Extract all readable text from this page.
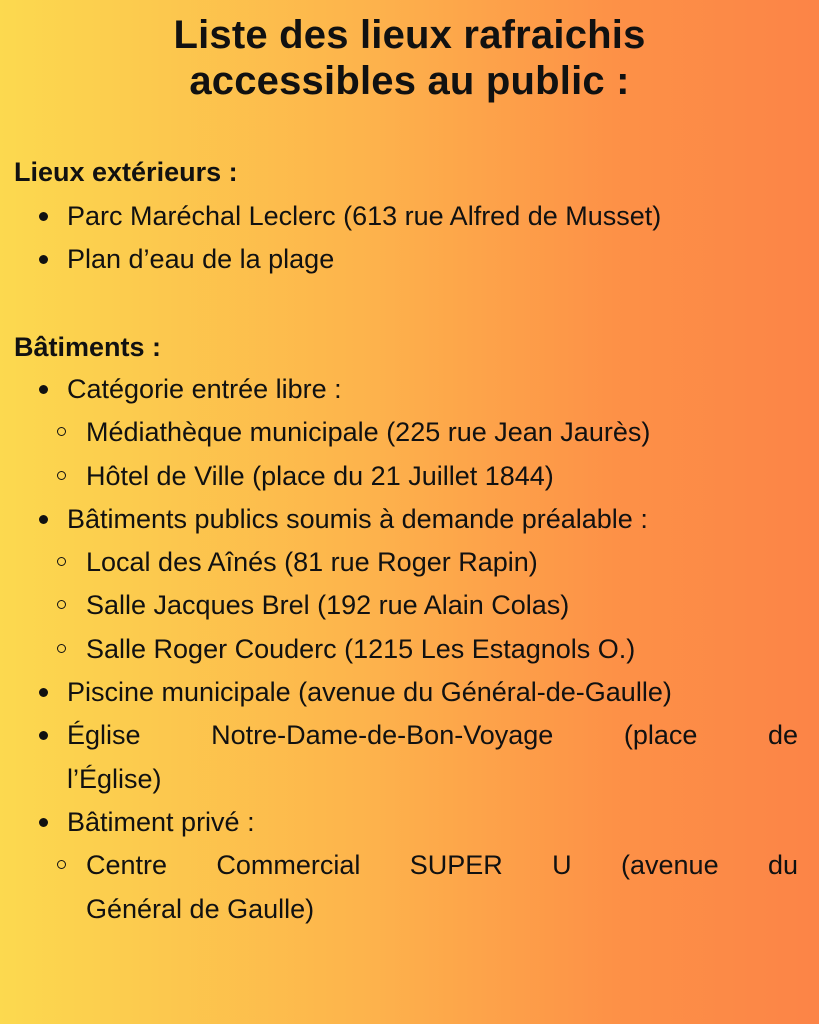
Liste des lieux rafraichis
accessibles au public :
Lieux extérieurs :
Parc Maréchal Leclerc (613 rue Alfred de Musset)
Plan d’eau de la plage
Bâtiments :
Catégorie entrée libre :
Médiathèque municipale (225 rue Jean Jaurès)
Hôtel de Ville (place du 21 Juillet 1844)
Bâtiments publics soumis à demande préalable :
Local des Aînés (81 rue Roger Rapin)
Salle Jacques Brel (192 rue Alain Colas)
Salle Roger Couderc (1215 Les Estagnols O.)
Piscine municipale (avenue du Général-de-Gaulle)
Église Notre-Dame-de-Bon-Voyage (place de
l’Église)
Bâtiment privé :
Centre Commercial SUPER U (avenue du
Général de Gaulle)
